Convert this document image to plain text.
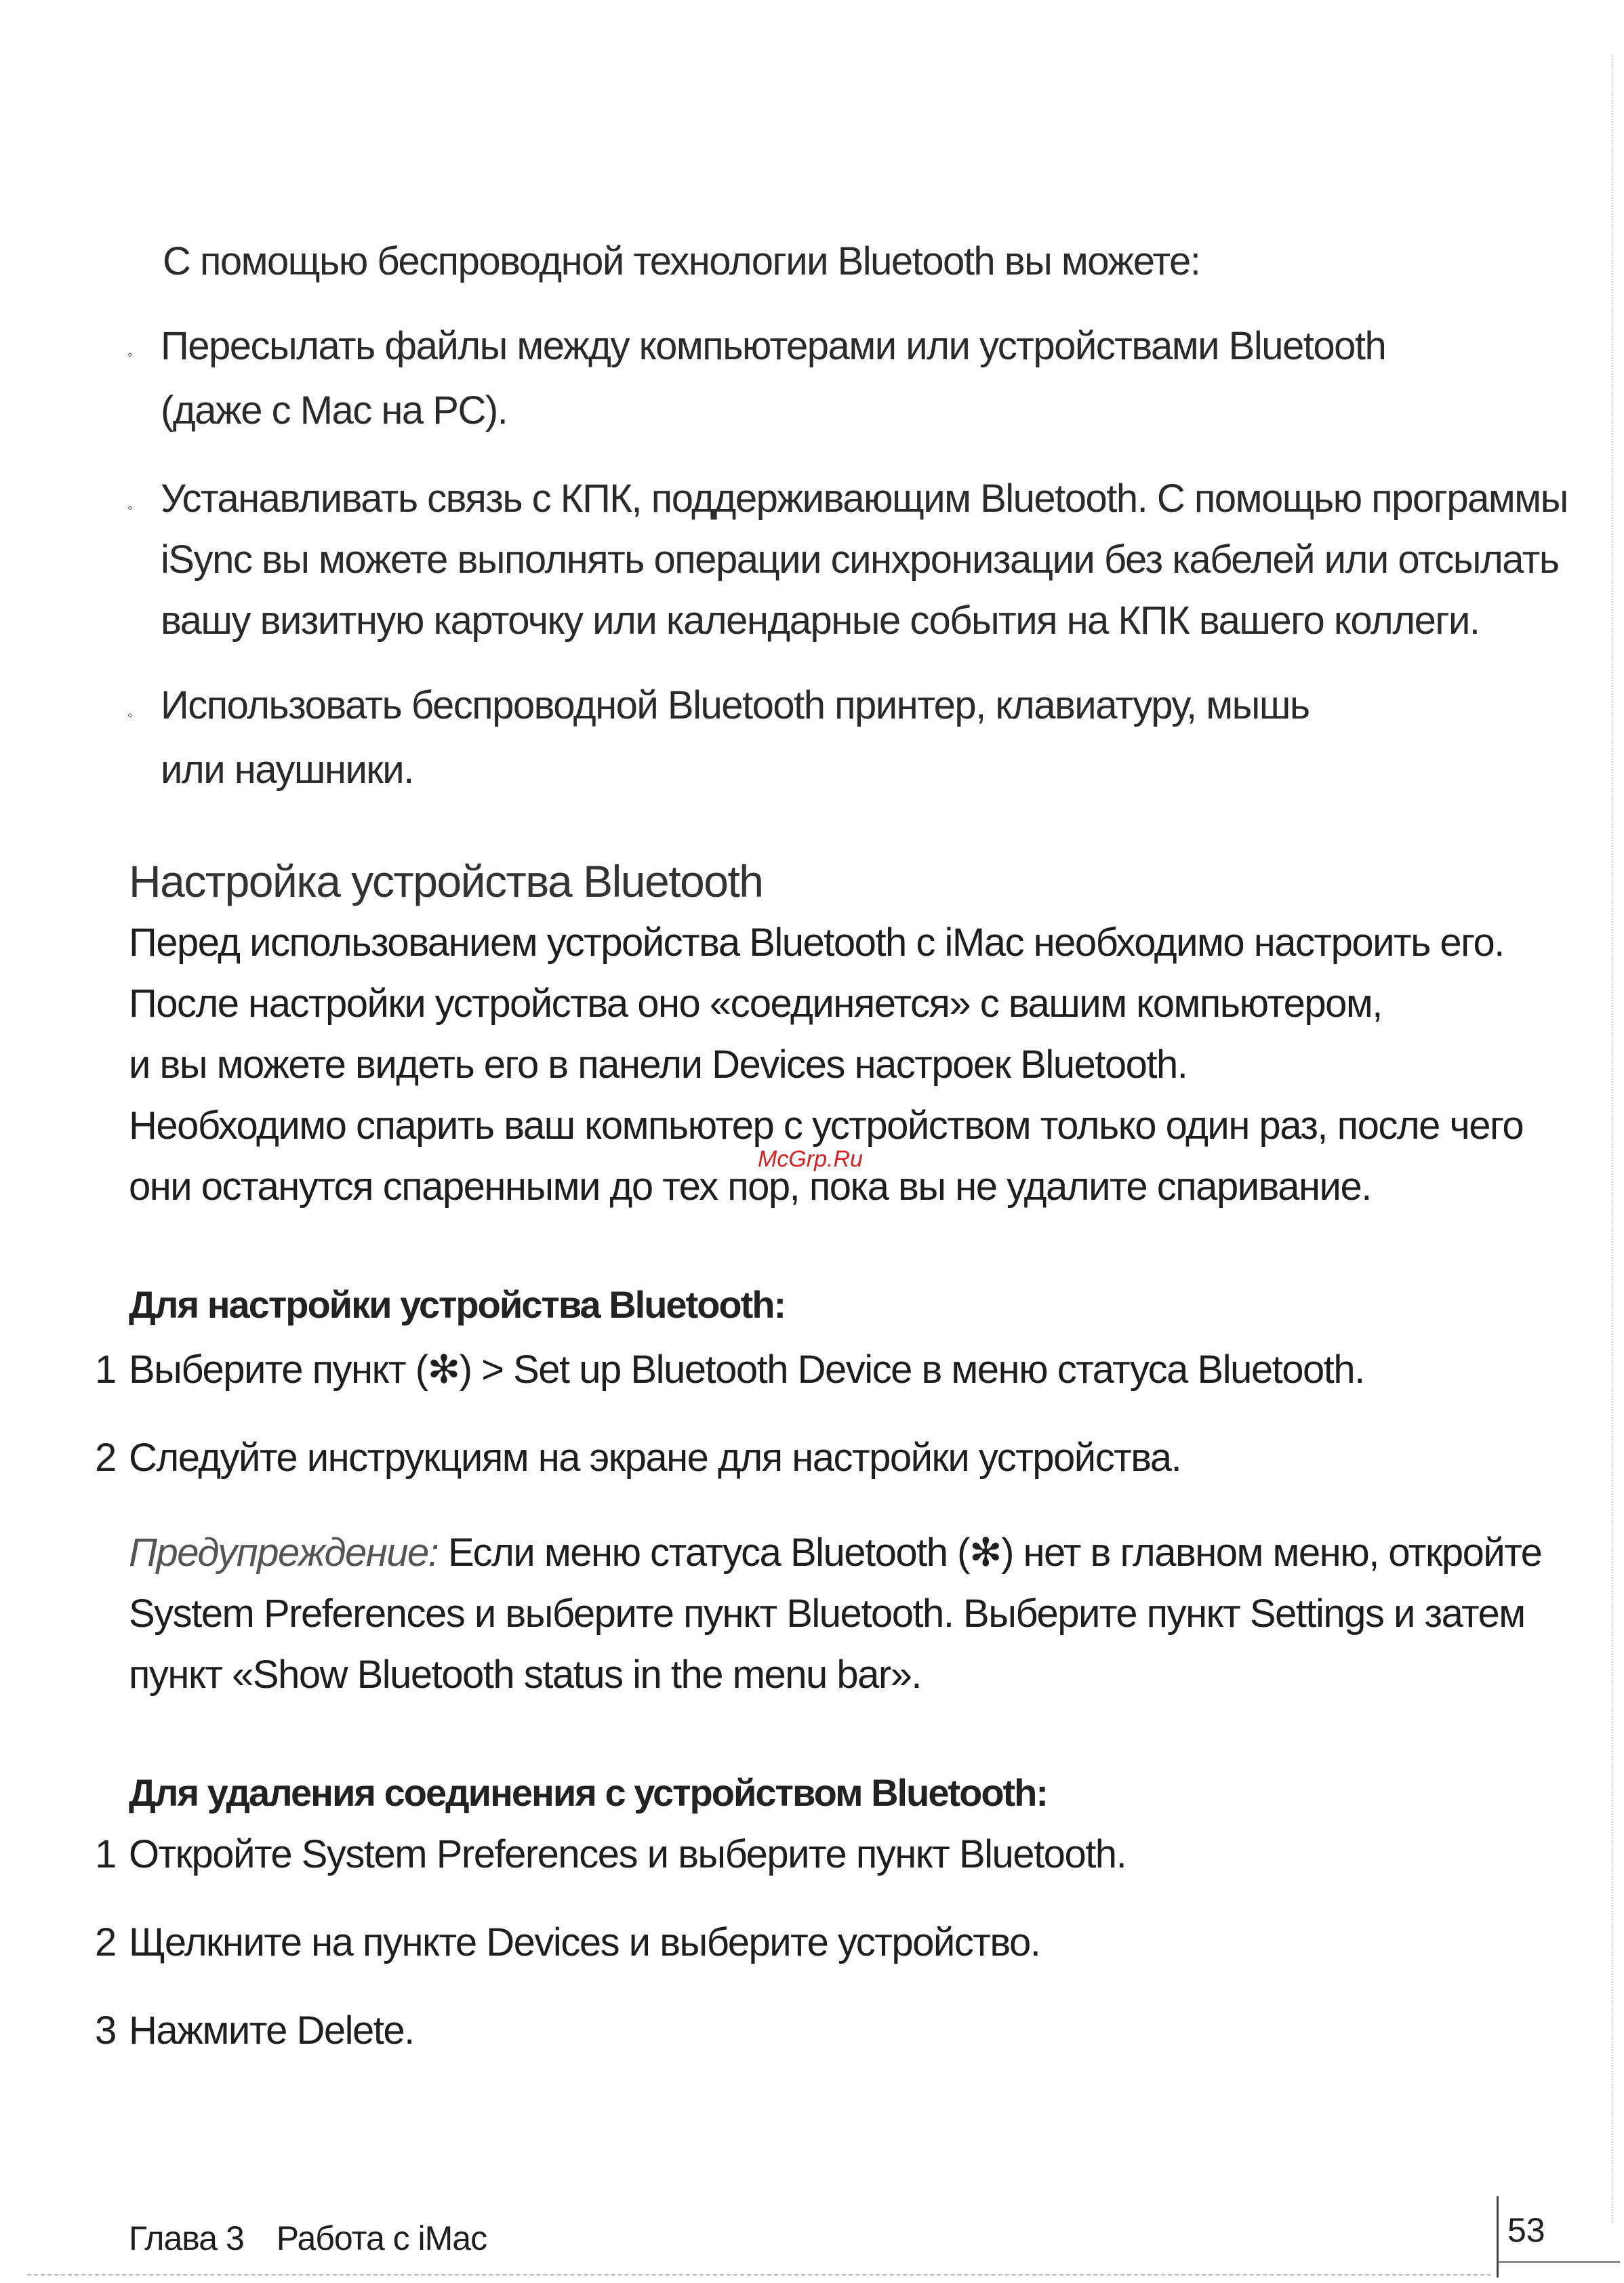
С помощью беспроводной технологии Bluetooth вы можете:
◦ Пересылать файлы между компьютерами или устройствами Bluetooth
(даже с Mac на PC).
◦ Устанавливать связь с КПК, поддерживающим Bluetooth. С помощью программы
iSync вы можете выполнять операции синхронизации без кабелей или отсылать
вашу визитную карточку или календарные события на КПК вашего коллеги.
◦ Использовать беспроводной Bluetooth принтер, клавиатуру, мышь
или наушники.
Настройка устройства Bluetooth
Перед использованием устройства Bluetooth с iMac необходимо настроить его.
После настройки устройства оно «соединяется» с вашим компьютером,
и вы можете видеть его в панели Devices настроек Bluetooth.
Необходимо спарить ваш компьютер с устройством только один раз, после чего
они останутся спаренными до тех пор, пока вы не удалите спаривание.
McGrp.Ru
Для настройки устройства Bluetooth:
1 Выберите пункт (✻) > Set up Bluetooth Device в меню статуса Bluetooth.
2 Следуйте инструкциям на экране для настройки устройства.
Предупреждение: Если меню статуса Bluetooth (✻) нет в главном меню, откройте
System Preferences и выберите пункт Bluetooth. Выберите пункт Settings и затем
пункт «Show Bluetooth status in the menu bar».
Для удаления соединения с устройством Bluetooth:
1 Откройте System Preferences и выберите пункт Bluetooth.
2 Щелкните на пункте Devices и выберите устройство.
3 Нажмите Delete.
Глава 3 Работа с iMac	53
